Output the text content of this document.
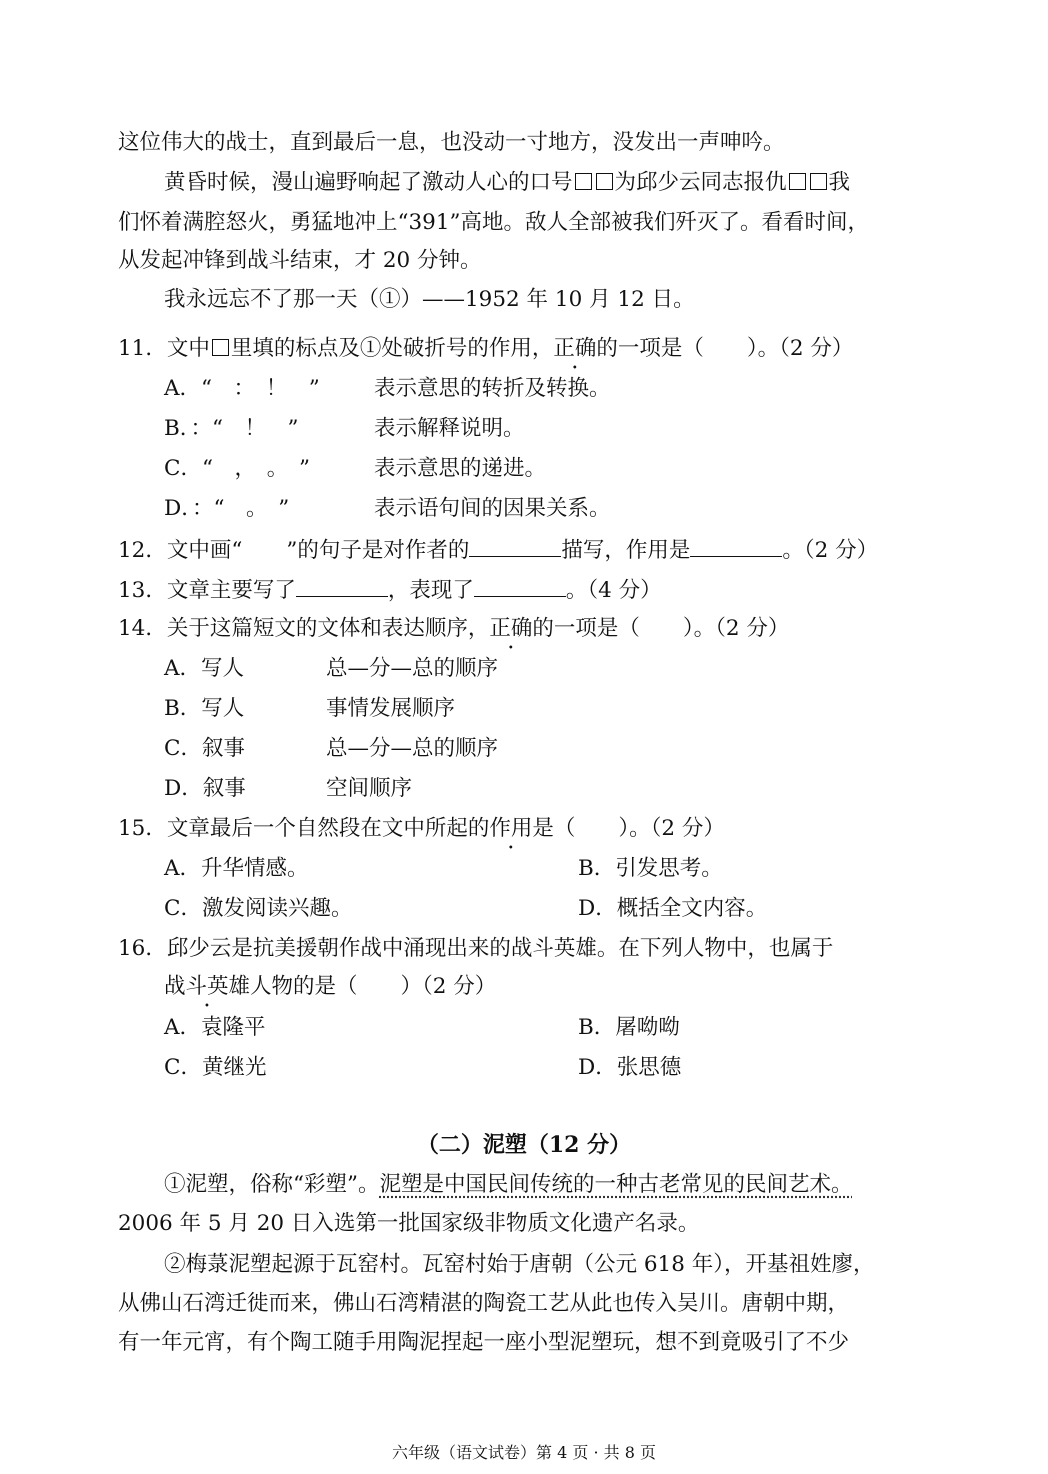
这位伟大的战士，直到最后一息，也没动一寸地方，没发出一声呻吟。
黄昏时候，漫山遍野响起了激动人心的口号 为邱少云同志报仇 我
们怀着满腔怒火，勇猛地冲上“391”高地。敌人全部被我们歼灭了。看看时间，
从发起冲锋到战斗结束，才 20 分钟。
我永远忘不了那一天（①）——1952 年 10 月 12 日。
11．文中 里填的标点及①处破折号的作用，正确的一项是（　　）。（2 分）
A．“　：　！　”	表示意思的转折及转换。
B．：“　！　”	表示解释说明。
C．“　，　。　”	表示意思的递进。
D．：“　。　”	表示语句间的因果关系。
12．文中画“ ”的句子是对作者的	描写，作用是	。（2 分）
13．文章主要写了	，表现了	。（4 分）
14．关于这篇短文的文体和表达顺序，正确的一项是（　　）。（2 分）
A．写人	总—分—总的顺序
B．写人	事情发展顺序
C．叙事	总—分—总的顺序
D．叙事	空间顺序
15．文章最后一个自然段在文中所起的作用是（　　）。（2 分）
A．升华情感。	B．引发思考。
C．激发阅读兴趣。	D．概括全文内容。
16．邱少云是抗美援朝作战中涌现出来的战斗英雄。在下列人物中，也属于
战斗英雄人物的是（　　）（2 分）
A．袁隆平	B．屠呦呦
C．黄继光	D．张思德
（二）泥塑（12 分）
①泥塑，俗称“彩塑”。泥塑是中国民间传统的一种古老常见的民间艺术。
2006 年 5 月 20 日入选第一批国家级非物质文化遗产名录。
②梅菉泥塑起源于瓦窑村。瓦窑村始于唐朝（公元 618 年），开基祖姓廖，
从佛山石湾迁徙而来，佛山石湾精湛的陶瓷工艺从此也传入吴川。唐朝中期，
有一年元宵，有个陶工随手用陶泥捏起一座小型泥塑玩，想不到竟吸引了不少
六年级（语文试卷）第 4 页 · 共 8 页
